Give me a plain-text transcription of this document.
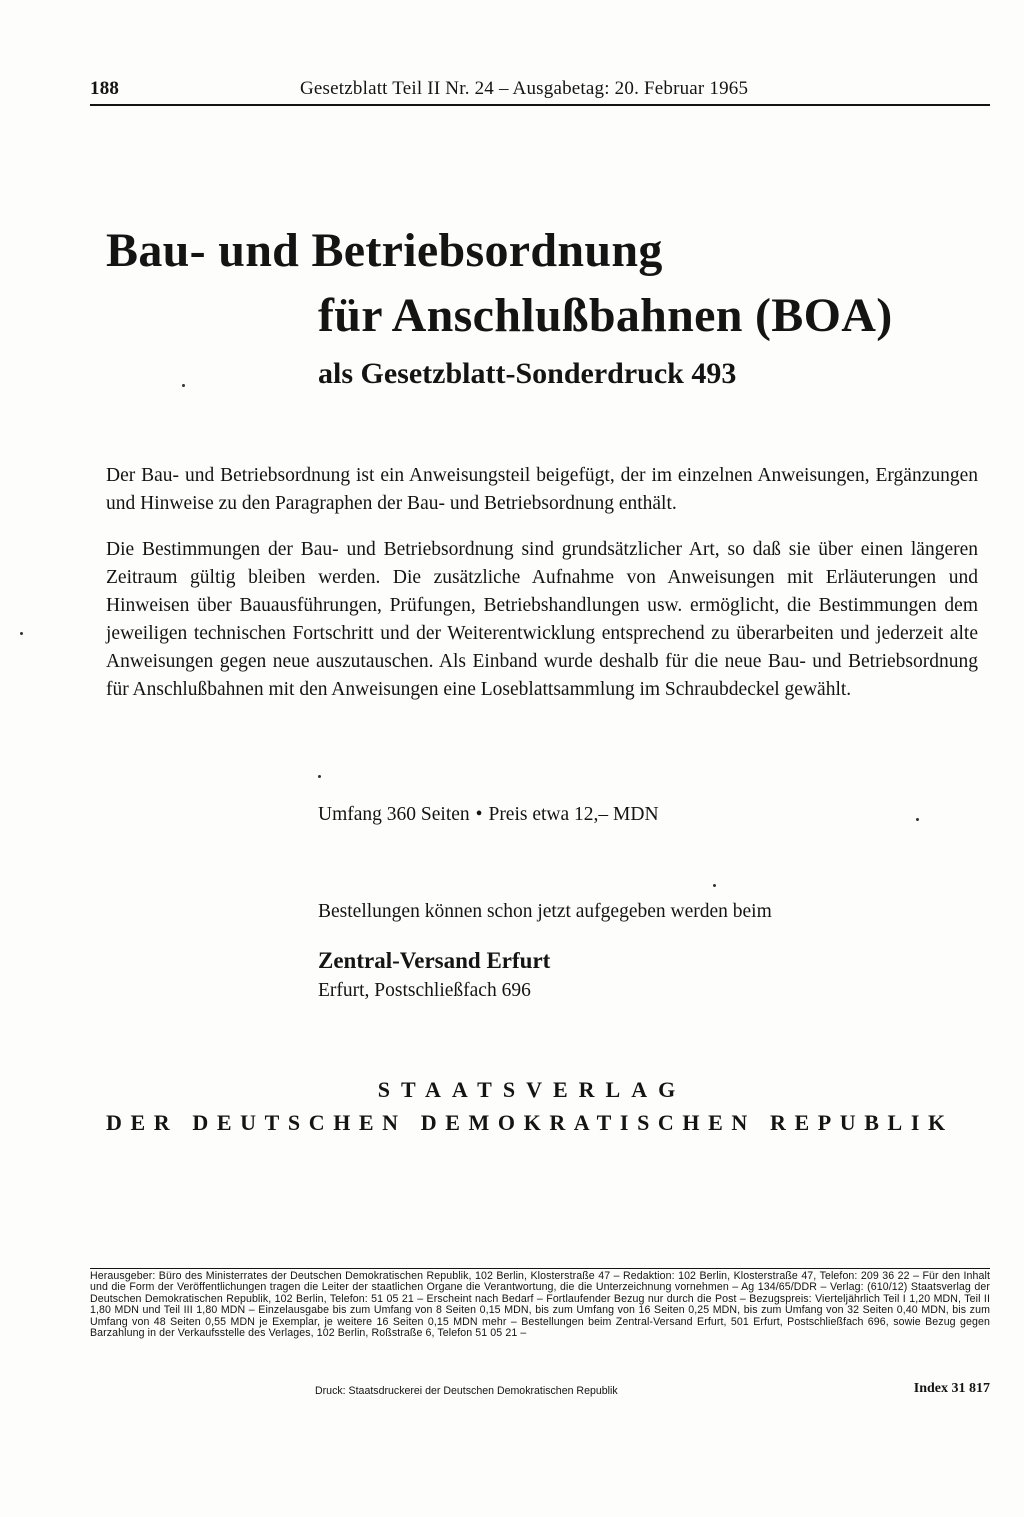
188	Gesetzblatt Teil II Nr. 24 – Ausgabetag: 20. Februar 1965
Bau- und Betriebsordnung
für Anschlußbahnen (BOA)
als Gesetzblatt-Sonderdruck 493

Der Bau- und Betriebsordnung ist ein Anweisungsteil beigefügt, der im einzelnen Anweisungen, Ergänzungen und Hinweise zu den Paragraphen der Bau- und Betriebsordnung enthält.

Die Bestimmungen der Bau- und Betriebsordnung sind grundsätzlicher Art, so daß sie über einen längeren Zeitraum gültig bleiben werden. Die zusätzliche Aufnahme von Anweisungen mit Erläuterungen und Hinweisen über Bauausführungen, Prüfungen, Betriebshandlungen usw. ermöglicht, die Bestimmungen dem jeweiligen technischen Fortschritt und der Weiterentwicklung entsprechend zu überarbeiten und jederzeit alte Anweisungen gegen neue auszutauschen. Als Einband wurde deshalb für die neue Bau- und Betriebsordnung für Anschlußbahnen mit den Anweisungen eine Loseblattsammlung im Schraubdeckel gewählt.

Umfang 360 Seiten • Preis etwa 12,– MDN
Bestellungen können schon jetzt aufgegeben werden beim
Zentral-Versand Erfurt
Erfurt, Postschließfach 696
STAATSVERLAG
DER DEUTSCHEN DEMOKRATISCHEN REPUBLIK
Herausgeber: Büro des Ministerrates der Deutschen Demokratischen Republik, 102 Berlin, Klosterstraße 47 – Redaktion: 102 Berlin, Klosterstraße 47, Telefon: 209 36 22 – Für den Inhalt und die Form der Veröffentlichungen tragen die Leiter der staatlichen Organe die Verantwortung, die die Unterzeichnung vornehmen – Ag 134/65/DDR – Verlag: (610/12) Staatsverlag der Deutschen Demokratischen Republik, 102 Berlin, Telefon: 51 05 21 – Erscheint nach Bedarf – Fortlaufender Bezug nur durch die Post – Bezugspreis: Vierteljährlich Teil I 1,20 MDN, Teil II 1,80 MDN und Teil III 1,80 MDN – Einzelausgabe bis zum Umfang von 8 Seiten 0,15 MDN, bis zum Umfang von 16 Seiten 0,25 MDN, bis zum Umfang von 32 Seiten 0,40 MDN, bis zum Umfang von 48 Seiten 0,55 MDN je Exemplar, je weitere 16 Seiten 0,15 MDN mehr – Bestellungen beim Zentral-Versand Erfurt, 501 Erfurt, Postschließfach 696, sowie Bezug gegen Barzahlung in der Verkaufsstelle des Verlages, 102 Berlin, Roßstraße 6, Telefon 51 05 21 –
Druck: Staatsdruckerei der Deutschen Demokratischen Republik	Index 31 817
